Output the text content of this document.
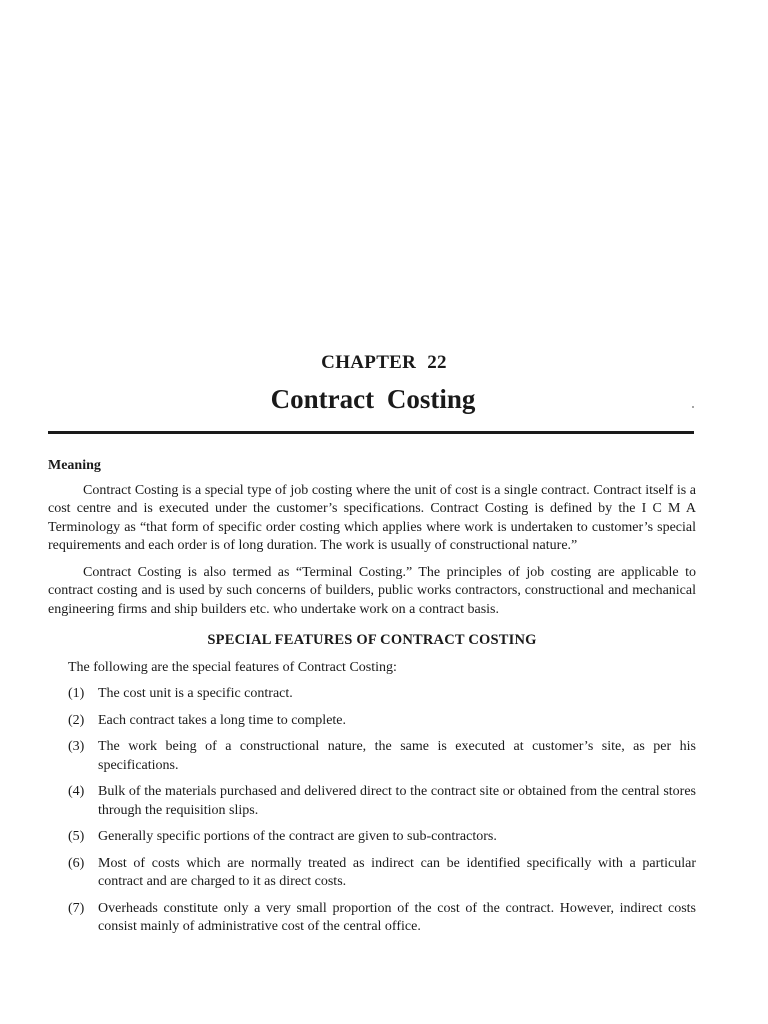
CHAPTER 22
Contract Costing
Meaning

Contract Costing is a special type of job costing where the unit of cost is a single contract. Contract itself is a cost centre and is executed under the customer’s specifications. Contract Costing is defined by the I C M A Terminology as “that form of specific order costing which applies where work is undertaken to customer’s special requirements and each order is of long duration. The work is usually of constructional nature.”

Contract Costing is also termed as “Terminal Costing.” The principles of job costing are applicable to contract costing and is used by such concerns of builders, public works contractors, constructional and mechanical engineering firms and ship builders etc. who undertake work on a contract basis.

SPECIAL FEATURES OF CONTRACT COSTING
The following are the special features of Contract Costing:
(1) The cost unit is a specific contract.
(2) Each contract takes a long time to complete.
(3) The work being of a constructional nature, the same is executed at customer’s site, as per his specifications.
(4) Bulk of the materials purchased and delivered direct to the contract site or obtained from the central stores through the requisition slips.
(5) Generally specific portions of the contract are given to sub-contractors.
(6) Most of costs which are normally treated as indirect can be identified specifically with a particular contract and are charged to it as direct costs.
(7) Overheads constitute only a very small proportion of the cost of the contract. However, indirect costs consist mainly of administrative cost of the central office.
